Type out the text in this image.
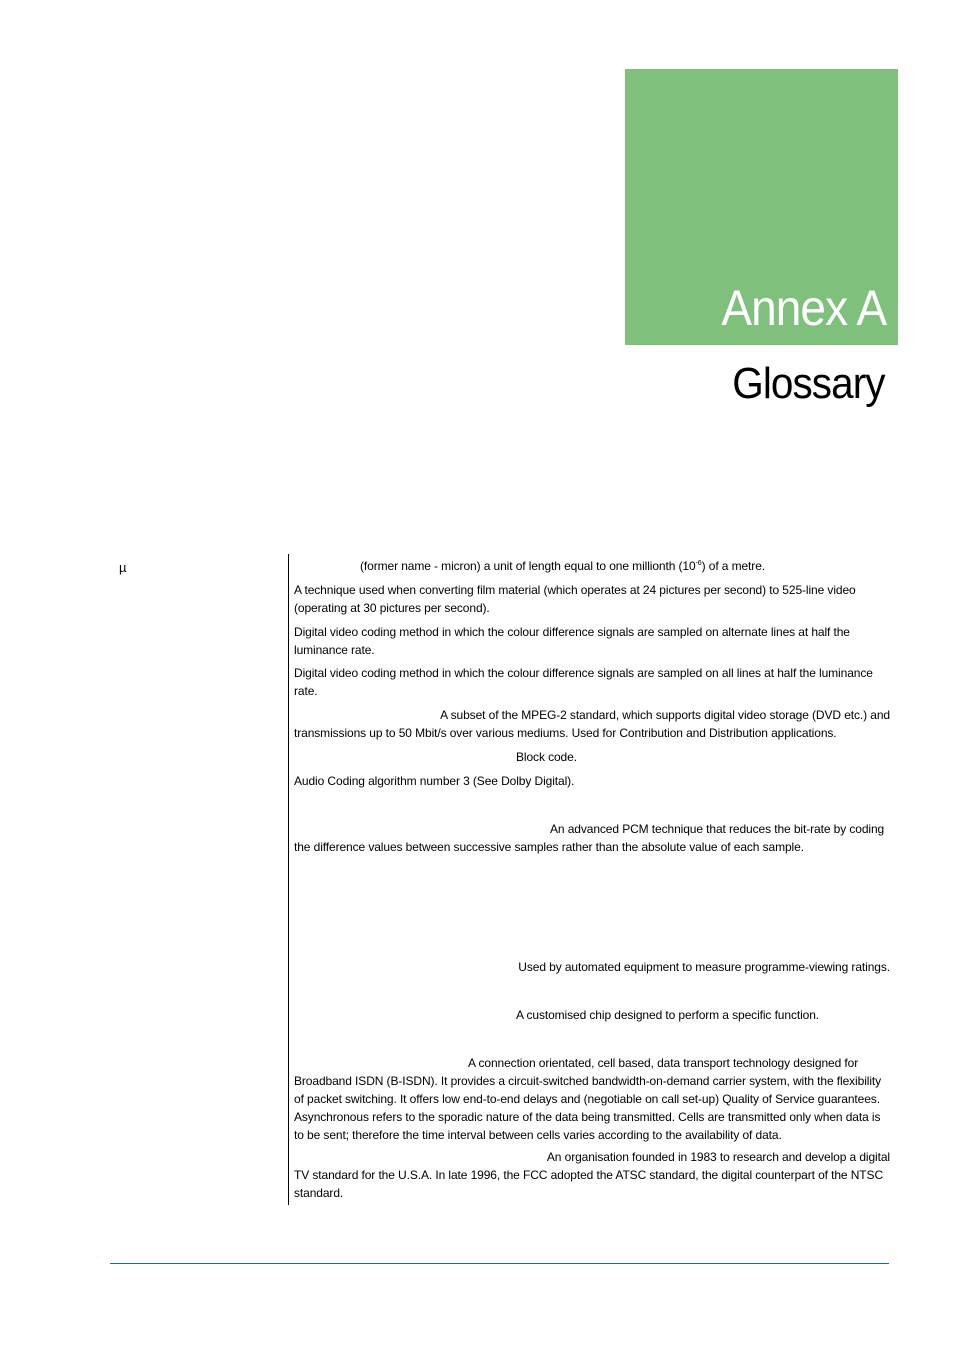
Annex A
Glossary
µ	(former name - micron) a unit of length equal to one millionth $(10^{-6})$ of a metre.

A technique used when converting film material (which operates at 24 pictures per second) to 525-line video (operating at 30 pictures per second).

Digital video coding method in which the colour difference signals are sampled on alternate lines at half the luminance rate.

Digital video coding method in which the colour difference signals are sampled on all lines at half the luminance rate.

A subset of the MPEG-2 standard, which supports digital video storage (DVD etc.) and
transmissions up to 50 Mbit/s over various mediums. Used for Contribution and Distribution applications.

Block code.

Audio Coding algorithm number 3 (See Dolby Digital).

An advanced PCM technique that reduces the bit-rate by coding
the difference values between successive samples rather than the absolute value of each sample.

Used by automated equipment to measure programme-viewing ratings.

A customised chip designed to perform a specific function.

A connection orientated, cell based, data transport technology designed for
Broadband ISDN (B-ISDN). It provides a circuit-switched bandwidth-on-demand carrier system, with the flexibility of packet switching. It offers low end-to-end delays and (negotiable on call set-up) Quality of Service guarantees. Asynchronous refers to the sporadic nature of the data being transmitted. Cells are transmitted only when data is to be sent; therefore the time interval between cells varies according to the availability of data.

An organisation founded in 1983 to research and develop a digital
TV standard for the U.S.A. In late 1996, the FCC adopted the ATSC standard, the digital counterpart of the NTSC standard.
